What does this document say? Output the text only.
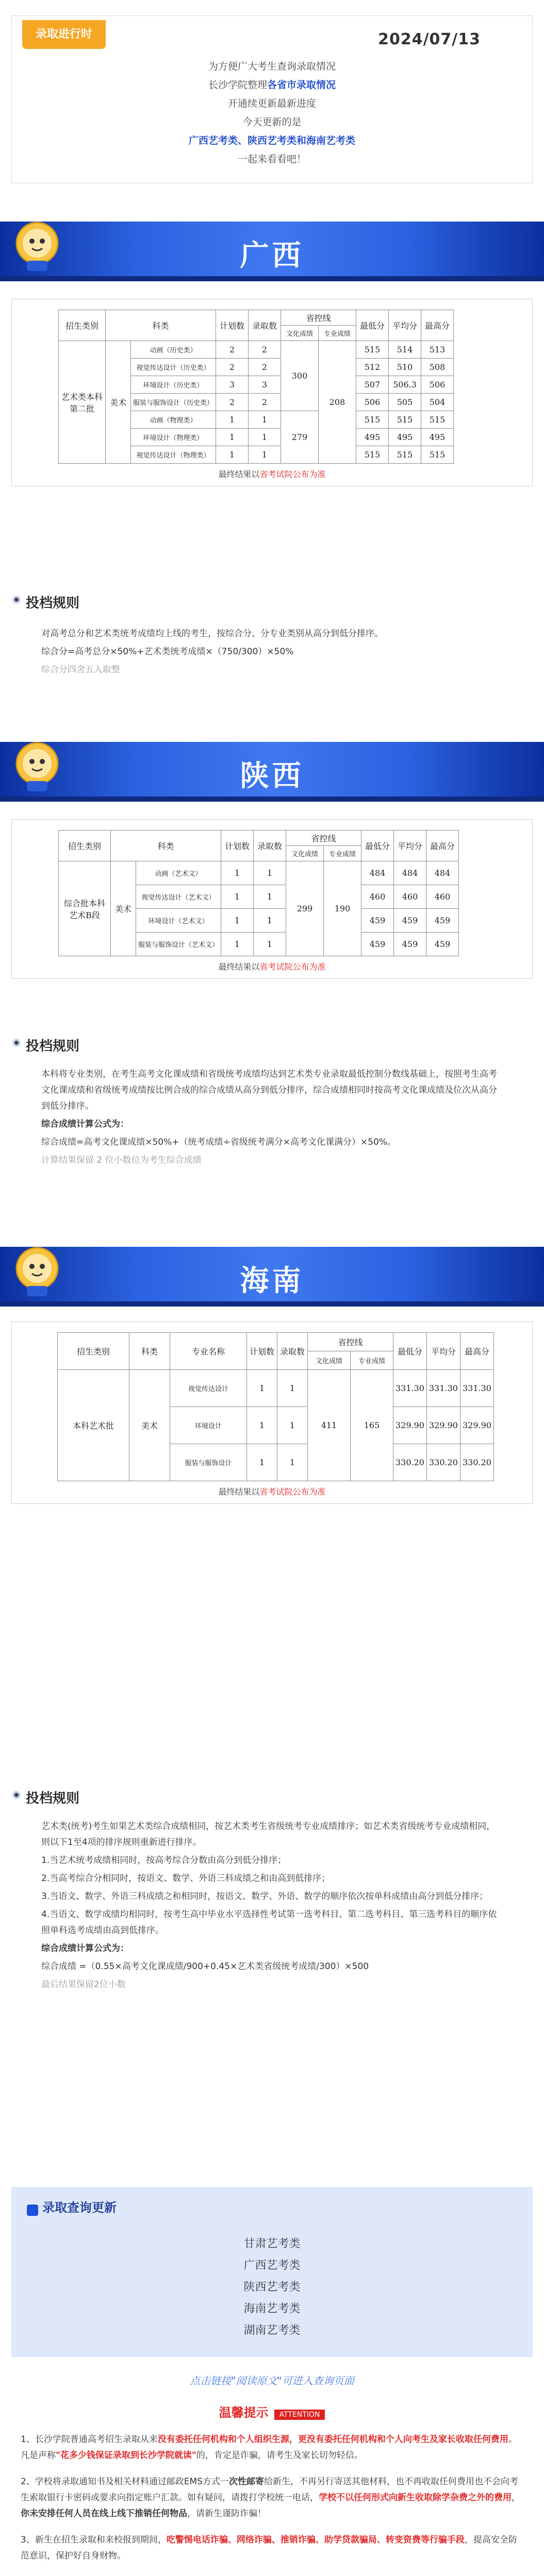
录取进行时	2024/07/13
为方便广大考生查询录取情况
长沙学院整理各省市录取情况
开通续更新最新进度
今天更新的是
广西艺考类、陕西艺考类和海南艺考类
一起来看看吧！
广西
招生类别	科类		计划数	录取数	省控线		最低分	平均分	最高分
					文化成绩	专业成绩			
艺术类本科第二批	美术	动画（历史类）	2	2	300	208	515	514	513
		视觉传达设计（历史类）	2	2			512	510	508
		环境设计（历史类）	3	3			507	506.3	506
		服装与服饰设计（历史类）	2	2			506	505	504
		动画（物理类）	1	1	279		515	515	515
		环境设计（物理类）	1	1			495	495	495
		视觉传达设计（物理类）	1	1			515	515	515
最终结果以省考试院公布为准
投档规则

对高考总分和艺术类统考成绩均上线的考生，按综合分、分专业类别从高分到低分排序。

综合分=高考总分×50%+艺术类统考成绩×（750/300）×50%

综合分四舍五入取整

陕西
招生类别	科类		计划数	录取数	省控线		最低分	平均分	最高分
					文化成绩	专业成绩			
综合批本科艺术B段	美术	动画（艺术文）	1	1	299	190	484	484	484
		视觉传达设计（艺术文）	1	1			460	460	460
		环境设计（艺术文）	1	1			459	459	459
		服装与服饰设计（艺术文）	1	1			459	459	459
最终结果以省考试院公布为准
投档规则

本科将专业类别，在考生高考文化课成绩和省级统考成绩均达到艺术类专业录取最低控制分数线基础上，按照考生高考文化课成绩和省级统考成绩按比例合成的综合成绩从高分到低分排序，综合成绩相同时按高考文化课成绩及位次从高分到低分排序。

综合成绩计算公式为：

综合成绩=高考文化课成绩×50%+（统考成绩÷省级统考满分×高考文化课满分）×50%。

计算结果保留 2 位小数位为考生综合成绩

海南
招生类别	科类	专业名称	计划数	录取数	省控线		最低分	平均分	最高分
					文化成绩	专业成绩			
本科艺术批	美术	视觉传达设计	1	1	411	165	331.30	331.30	331.30
		环境设计	1	1			329.90	329.90	329.90
		服装与服饰设计	1	1			330.20	330.20	330.20
最终结果以省考试院公布为准
投档规则

艺术类(统考)考生如果艺术类综合成绩相同，按艺术类考生省级统考专业成绩排序；如艺术类省级统考专业成绩相同，则以下1至4项的排序规则重新进行排序。

1.当艺术统考成绩相同时，按高考综合分数由高分到低分排序；

2.当高考综合分相同时，按语文、数学、外语三科成绩之和由高到低排序；

3.当语文、数学、外语三科成绩之和相同时，按语文、数学、外语、数学的顺序依次按单科成绩由高分到低分排序；

4.当语文、数学成绩均相同时，按考生高中毕业水平选择性考试第一选考科目、第二选考科目、第三选考科目的顺序依照单科选考成绩由高到低排序。

综合成绩计算公式为：

综合成绩 =（0.55×高考文化课成绩/900+0.45×艺术类省级统考成绩/300）×500

最后结果保留2位小数

录取查询更新
甘肃艺考类
广西艺考类
陕西艺考类
海南艺考类
湖南艺考类
点击链接"阅读原文"可进入查询页面
温馨提示 ATTENTION

1、长沙学院普通高考招生录取从来没有委托任何机构和个人组织生源，更没有委托任何机构和个人向考生及家长收取任何费用。凡是声称"花多少钱保证录取到长沙学院就读"的，肯定是诈骗，请考生及家长切勿轻信。

2、学校将录取通知书及相关材料通过邮政EMS方式一次性邮寄给新生，不再另行寄送其他材料，也不再收取任何费用也不会向考生索取银行卡密码或要求向指定账户汇款。如有疑问，请拨打学校统一电话，学校不以任何形式向新生收取除学杂费之外的费用，你未安排任何人员在线上线下推销任何物品，请新生谨防诈骗！

3、新生在招生录取和来校报到期间，吃警惕电话诈骗、网络诈骗、推销诈骗、助学贷款骗局、转变资费等行骗手段，提高安全防范意识，保护好自身财物。
